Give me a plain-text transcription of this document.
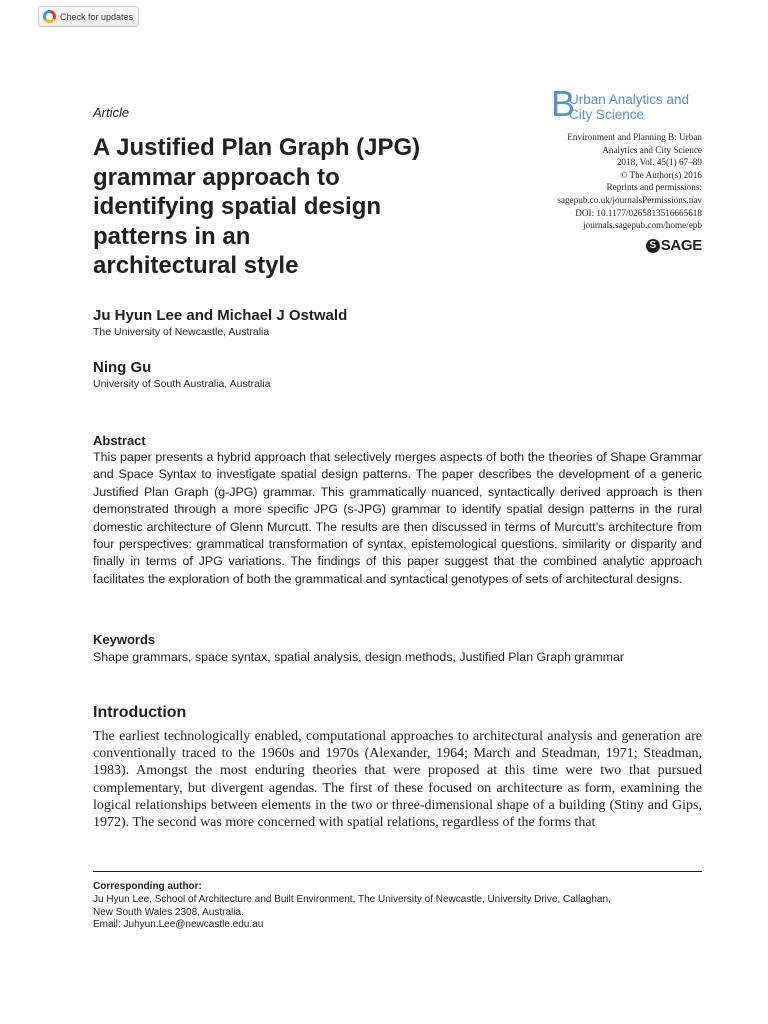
Check for updates
Article	B
Urban Analytics and
City Science
Environment and Planning B: Urban
Analytics and City Science
2018, Vol. 45(1) 67–89
© The Author(s) 2016
Reprints and permissions:
sagepub.co.uk/journalsPermissions.nav
DOI: 10.1177/0265813516665618
journals.sagepub.com/home/epb
S SAGE
A Justified Plan Graph (JPG)
grammar approach to
identifying spatial design
patterns in an
architectural style
Ju Hyun Lee and Michael J Ostwald
The University of Newcastle, Australia
Ning Gu
University of South Australia, Australia
Abstract

This paper presents a hybrid approach that selectively merges aspects of both the theories of Shape Grammar and Space Syntax to investigate spatial design patterns. The paper describes the development of a generic Justified Plan Graph (g-JPG) grammar. This grammatically nuanced, syntactically derived approach is then demonstrated through a more specific JPG (s-JPG) grammar to identify spatial design patterns in the rural domestic architecture of Glenn Murcutt. The results are then discussed in terms of Murcutt’s architecture from four perspectives: grammatical transformation of syntax, epistemological questions, similarity or disparity and finally in terms of JPG variations. The findings of this paper suggest that the combined analytic approach facilitates the exploration of both the grammatical and syntactical genotypes of sets of architectural designs.

Keywords
Shape grammars, space syntax, spatial analysis, design methods, Justified Plan Graph grammar
Introduction

The earliest technologically enabled, computational approaches to architectural analysis and generation are conventionally traced to the 1960s and 1970s (Alexander, 1964; March and Steadman, 1971; Steadman, 1983). Amongst the most enduring theories that were proposed at this time were two that pursued complementary, but divergent agendas. The first of these focused on architecture as form, examining the logical relationships between elements in the two or three-dimensional shape of a building (Stiny and Gips, 1972). The second was more concerned with spatial relations, regardless of the forms that

Corresponding author:
Ju Hyun Lee, School of Architecture and Built Environment, The University of Newcastle, University Drive, Callaghan,
New South Wales 2308, Australia.
Email: Juhyun.Lee@newcastle.edu.au
